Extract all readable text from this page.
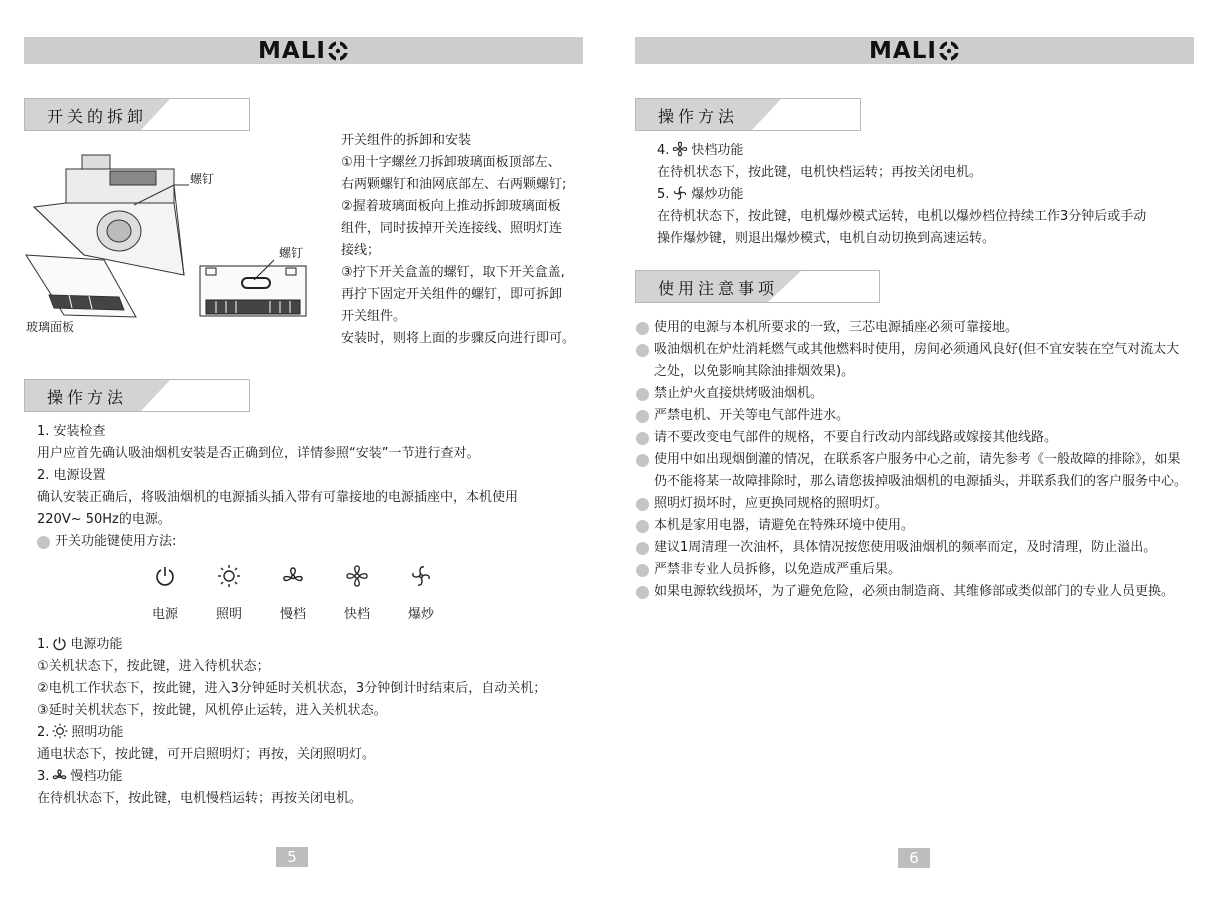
MALI
开关的拆卸
螺钉
螺钉
玻璃面板

开关组件的拆卸和安装

①用十字螺丝刀拆卸玻璃面板顶部左、

右两颗螺钉和油网底部左、右两颗螺钉;

②握着玻璃面板向上推动拆卸玻璃面板

组件，同时拔掉开关连接线、照明灯连

接线；

③拧下开关盒盖的螺钉，取下开关盒盖,

再拧下固定开关组件的螺钉，即可拆卸

开关组件。

安装时，则将上面的步骤反向进行即可。

操作方法

1. 安装检查

用户应首先确认吸油烟机安装是否正确到位，详情参照“安装”一节进行查对。

2. 电源设置

确认安装正确后，将吸油烟机的电源插头插入带有可靠接地的电源插座中，本机使用

220V~ 50Hz的电源。

开关功能键使用方法:

电源	照明	慢档	快档	爆炒

1. 电源功能

①关机状态下，按此键，进入待机状态；

②电机工作状态下，按此键，进入3分钟延时关机状态，3分钟倒计时结束后，自动关机；

③延时关机状态下，按此键，风机停止运转，进入关机状态。

2. 照明功能

通电状态下，按此键，可开启照明灯；再按，关闭照明灯。

3. 慢档功能

在待机状态下，按此键，电机慢档运转；再按关闭电机。

5
MALI
操作方法

4. 快档功能

在待机状态下，按此键，电机快档运转；再按关闭电机。

5. 爆炒功能

在待机状态下，按此键，电机爆炒模式运转，电机以爆炒档位持续工作3分钟后或手动

操作爆炒键，则退出爆炒模式，电机自动切换到高速运转。

使用注意事项
使用的电源与本机所要求的一致，三芯电源插座必须可靠接地。
吸油烟机在炉灶消耗燃气或其他燃料时使用，房间必须通风良好(但不宜安装在空气对流太大之处，以免影响其除油排烟效果)。
禁止炉火直接烘烤吸油烟机。
严禁电机、开关等电气部件进水。
请不要改变电气部件的规格，不要自行改动内部线路或嫁接其他线路。
使用中如出现烟倒灌的情况，在联系客户服务中心之前，请先参考《一般故障的排除》，如果仍不能将某一故障排除时，那么请您拔掉吸油烟机的电源插头，并联系我们的客户服务中心。
照明灯损坏时，应更换同规格的照明灯。
本机是家用电器，请避免在特殊环境中使用。
建议1周清理一次油杯，具体情况按您使用吸油烟机的频率而定，及时清理，防止溢出。
严禁非专业人员拆修，以免造成严重后果。
如果电源软线损坏，为了避免危险，必须由制造商、其维修部或类似部门的专业人员更换。
6
